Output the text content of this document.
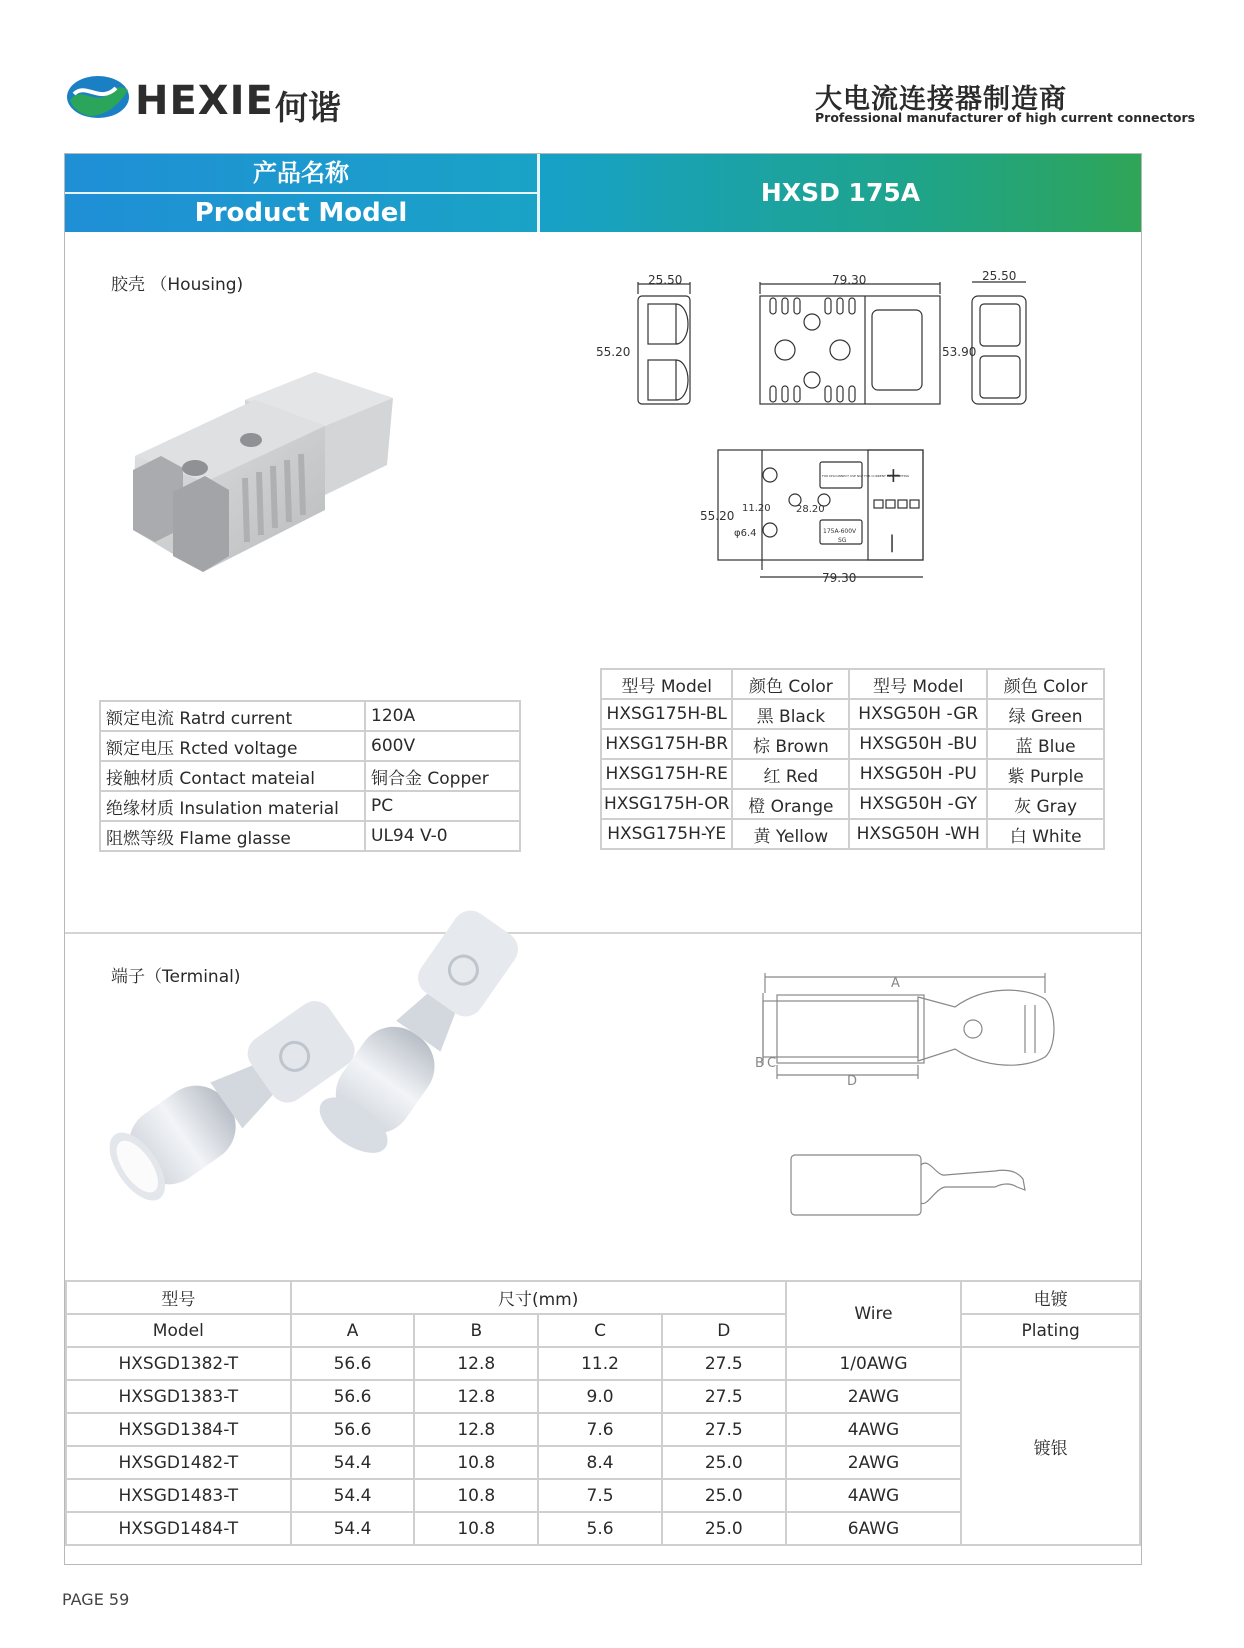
HEXIE 何谐	大电流连接器制造商
Professional manufacturer of high current connectors
产品名称
Product Model
HXSD 175A
胶壳 （Housing)	25.50
55.20
79.30
53.90
25.50
55.20
79.30
11.20	28.20
φ6.4
FOR DISCONNECT USE NOT FOR CURRENT INTERRUPTING
175A-600V
SG
+
|
额定电流 Ratrd current	120A
额定电压 Rcted voltage	600V
接触材质 Contact mateial	铜合金 Copper
绝缘材质 Insulation material	PC
阻燃等级 Flame glasse	UL94 V-0
型号 Model	颜色 Color	型号 Model	颜色 Color
HXSG175H-BL	黑 Black	HXSG50H -GR	绿 Green
HXSG175H-BR	棕 Brown	HXSG50H -BU	蓝 Blue
HXSG175H-RE	红 Red	HXSG50H -PU	紫 Purple
HXSG175H-OR	橙 Orange	HXSG50H -GY	灰 Gray
HXSG175H-YE	黄 Yellow	HXSG50H -WH	白 White
端子（Terminal)	A
B C
D
型号	尺寸(mm)				Wire	电镀
Model	A	B	C	D		Plating
HXSGD1382-T	56.6	12.8	11.2	27.5	1/0AWG	镀银
HXSGD1383-T	56.6	12.8	9.0	27.5	2AWG	
HXSGD1384-T	56.6	12.8	7.6	27.5	4AWG	
HXSGD1482-T	54.4	10.8	8.4	25.0	2AWG	
HXSGD1483-T	54.4	10.8	7.5	25.0	4AWG	
HXSGD1484-T	54.4	10.8	5.6	25.0	6AWG	
PAGE 59
